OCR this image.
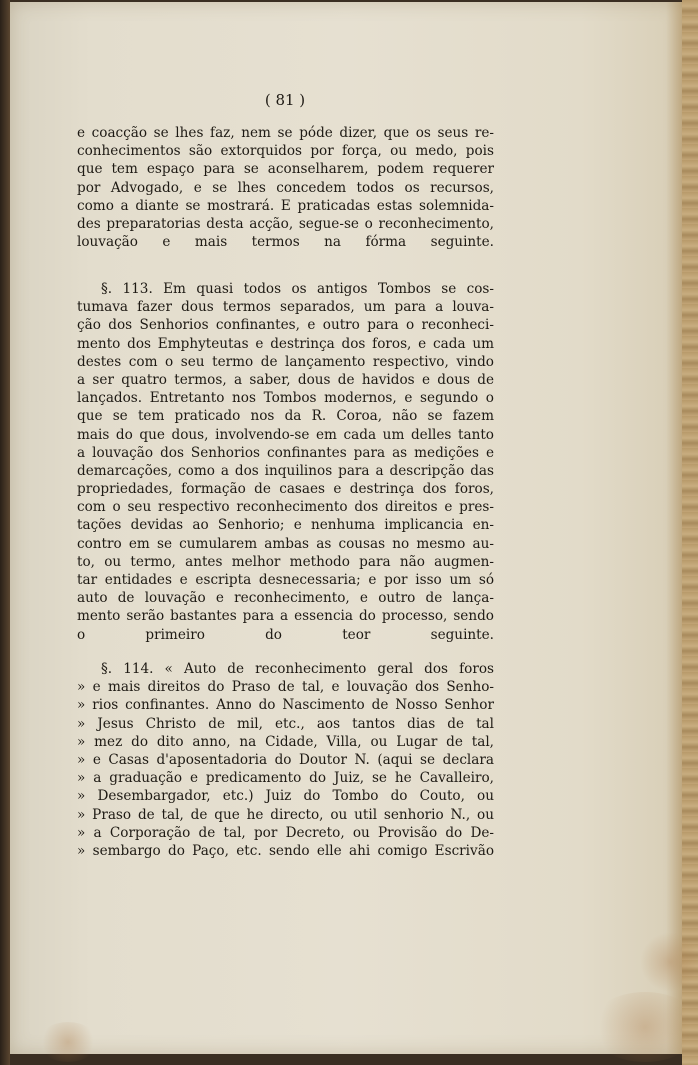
( 81 )
e coacção se lhes faz, nem se póde dizer, que os seus re-
conhecimentos são extorquidos por força, ou medo, pois
que tem espaço para se aconselharem, podem requerer
por Advogado, e se lhes concedem todos os recursos,
como a diante se mostrará. E praticadas estas solemnida-
des preparatorias desta acção, segue-se o reconhecimento,
louvação e mais termos na fórma seguinte.
§. 113. Em quasi todos os antigos Tombos se cos-
tumava fazer dous termos separados, um para a louva-
ção dos Senhorios confinantes, e outro para o reconheci-
mento dos Emphyteutas e destrinça dos foros, e cada um
destes com o seu termo de lançamento respectivo, vindo
a ser quatro termos, a saber, dous de havidos e dous de
lançados. Entretanto nos Tombos modernos, e segundo o
que se tem praticado nos da R. Coroa, não se fazem
mais do que dous, involvendo-se em cada um delles tanto
a louvação dos Senhorios confinantes para as medições e
demarcações, como a dos inquilinos para a descripção das
propriedades, formação de casaes e destrinça dos foros,
com o seu respectivo reconhecimento dos direitos e pres-
tações devidas ao Senhorio; e nenhuma implicancia en-
contro em se cumularem ambas as cousas no mesmo au-
to, ou termo, antes melhor methodo para não augmen-
tar entidades e escripta desnecessaria; e por isso um só
auto de louvação e reconhecimento, e outro de lança-
mento serão bastantes para a essencia do processo, sendo
o primeiro do teor seguinte.
§. 114. « Auto de reconhecimento geral dos foros
» e mais direitos do Praso de tal, e louvação dos Senho-
» rios confinantes. Anno do Nascimento de Nosso Senhor
» Jesus Christo de mil, etc., aos tantos dias de tal
» mez do dito anno, na Cidade, Villa, ou Lugar de tal,
» e Casas d'aposentadoria do Doutor N. (aqui se declara
» a graduação e predicamento do Juiz, se he Cavalleiro,
» Desembargador, etc.) Juiz do Tombo do Couto, ou
» Praso de tal, de que he directo, ou util senhorio N., ou
» a Corporação de tal, por Decreto, ou Provisão do De-
» sembargo do Paço, etc. sendo elle ahi comigo Escrivão
